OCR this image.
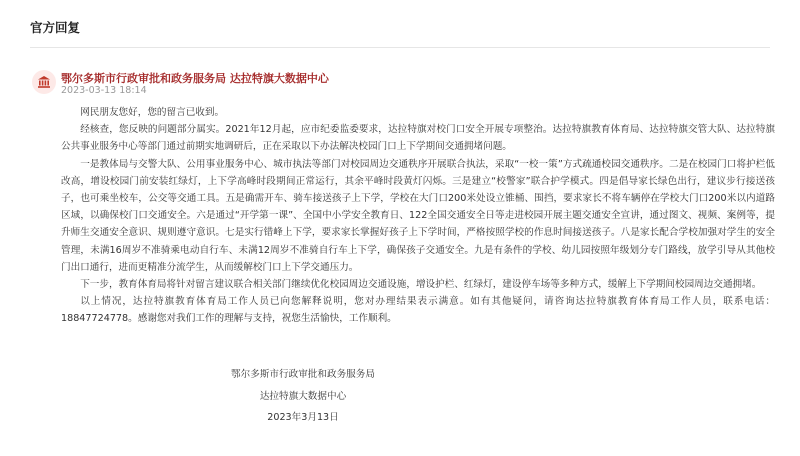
官方回复
鄂尔多斯市行政审批和政务服务局 达拉特旗大数据中心
2023-03-13 18:14

网民朋友您好，您的留言已收到。

经核查，您反映的问题部分属实。2021年12月起，应市纪委监委要求，达拉特旗对校门口安全开展专项整治。达拉特旗教育体育局、达拉特旗交管大队、达拉特旗公共事业服务中心等部门通过前期实地调研后，正在采取以下办法解决校园门口上下学期间交通拥堵问题。

一是教体局与交警大队、公用事业服务中心、城市执法等部门对校园周边交通秩序开展联合执法，采取“一校一策”方式疏通校园交通秩序。二是在校园门口将护栏低改高，增设校园门前安装红绿灯，上下学高峰时段期间正常运行，其余平峰时段黄灯闪烁。三是建立“校警家”联合护学模式。四是倡导家长绿色出行，建议步行接送孩子，也可乘坐校车，公交等交通工具。五是确需开车、骑车接送孩子上下学，学校在大门口200米处设立锥桶、围挡，要求家长不将车辆停在学校大门口200米以内道路区域，以确保校门口交通安全。六是通过“开学第一课”、全国中小学安全教育日、122全国交通安全日等走进校园开展主题交通安全宣讲，通过图文、视频、案例等，提升师生交通安全意识、规则遵守意识。七是实行错峰上下学，要求家长掌握好孩子上下学时间，严格按照学校的作息时间接送孩子。八是家长配合学校加强对学生的安全管理，未满16周岁不准骑乘电动自行车、未满12周岁不准骑自行车上下学，确保孩子交通安全。九是有条件的学校、幼儿园按照年级划分专门路线，放学引导从其他校门出口通行，进而更精准分流学生，从而缓解校门口上下学交通压力。

下一步，教育体育局将针对留言建议联合相关部门继续优化校园周边交通设施，增设护栏、红绿灯，建设停车场等多种方式，缓解上下学期间校园周边交通拥堵。

以上情况，达拉特旗教育体育局工作人员已向您解释说明，您对办理结果表示满意。如有其他疑问，请咨询达拉特旗教育体育局工作人员，联系电话：18847724778。感谢您对我们工作的理解与支持，祝您生活愉快，工作顺利。

鄂尔多斯市行政审批和政务服务局
达拉特旗大数据中心
2023年3月13日
